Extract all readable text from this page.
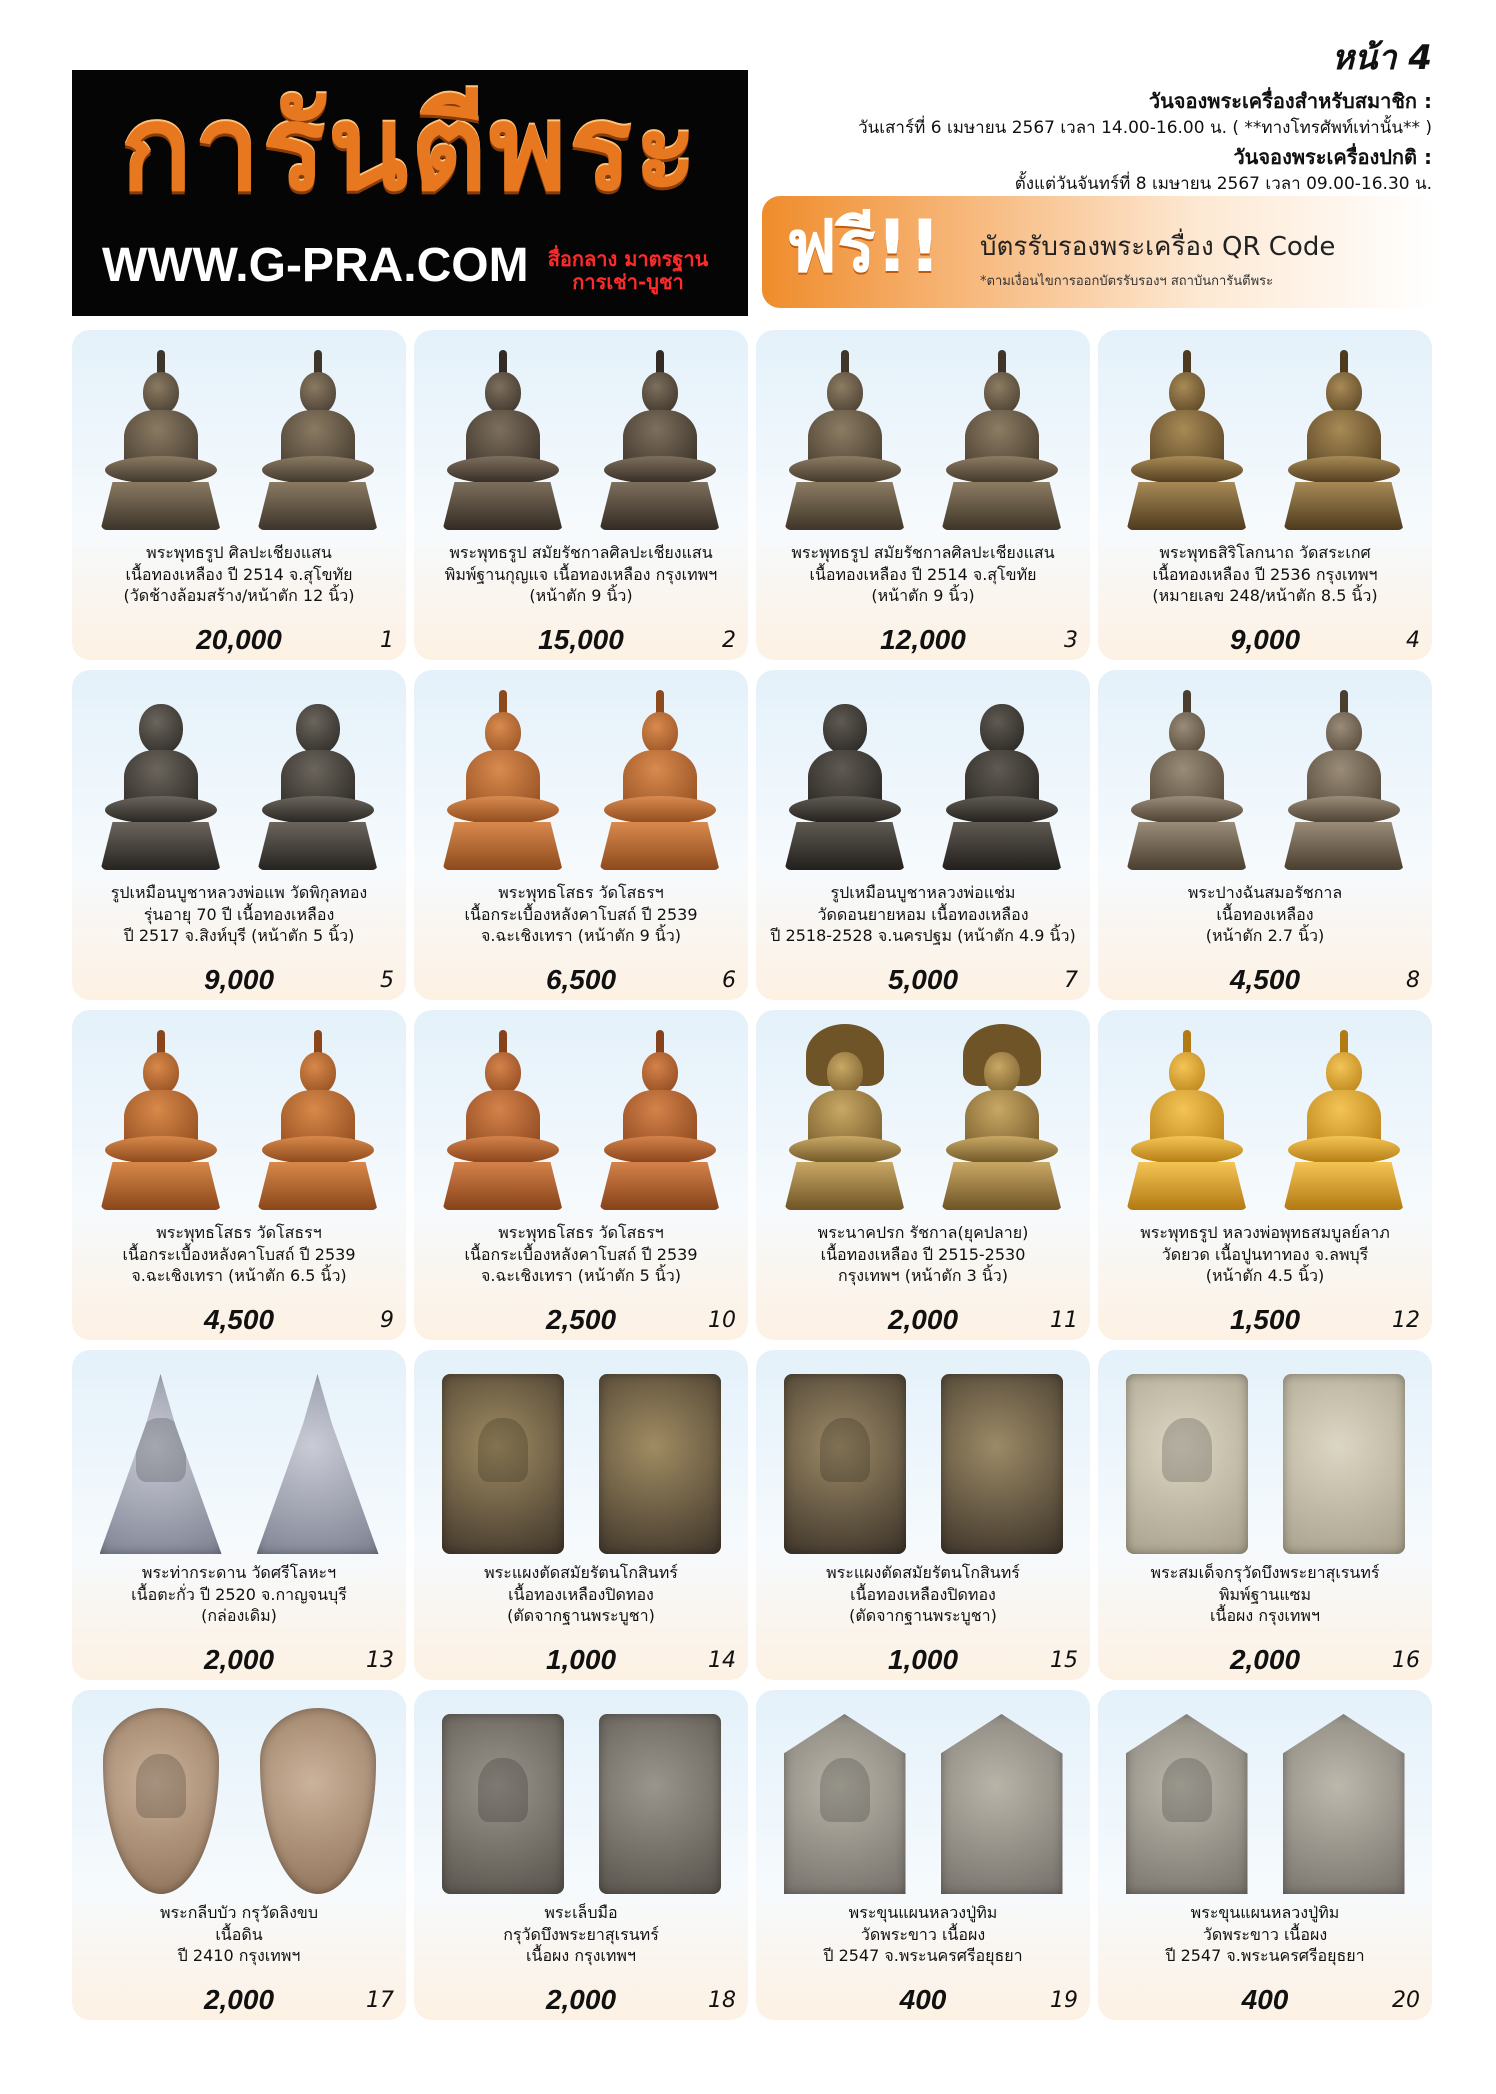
หน้า 4
การันตีพระ
WWW.G-PRA.COM สื่อกลาง มาตรฐาน การเช่า-บูชา
วันจองพระเครื่องสำหรับสมาชิก :
วันเสาร์ที่ 6 เมษายน 2567 เวลา 14.00-16.00 น. ( **ทางโทรศัพท์เท่านั้น** )
วันจองพระเครื่องปกติ :
ตั้งแต่วันจันทร์ที่ 8 เมษายน 2567 เวลา 09.00-16.30 น.
ฟรี!! บัตรรับรองพระเครื่อง QR Code
*ตามเงื่อนไขการออกบัตรรับรองฯ สถาบันการันตีพระ
พระพุทธรูป ศิลปะเชียงแสน
เนื้อทองเหลือง ปี 2514 จ.สุโขทัย
(วัดช้างล้อมสร้าง/หน้าตัก 12 นิ้ว)
20,000	1
พระพุทธรูป สมัยรัชกาลศิลปะเชียงแสน
พิมพ์ฐานกุญแจ เนื้อทองเหลือง กรุงเทพฯ
(หน้าตัก 9 นิ้ว)
15,000	2
พระพุทธรูป สมัยรัชกาลศิลปะเชียงแสน
เนื้อทองเหลือง ปี 2514 จ.สุโขทัย
(หน้าตัก 9 นิ้ว)
12,000	3
พระพุทธสิริโลกนาถ วัดสระเกศ
เนื้อทองเหลือง ปี 2536 กรุงเทพฯ
(หมายเลข 248/หน้าตัก 8.5 นิ้ว)
9,000	4
รูปเหมือนบูชาหลวงพ่อแพ วัดพิกุลทอง
รุ่นอายุ 70 ปี เนื้อทองเหลือง
ปี 2517 จ.สิงห์บุรี (หน้าตัก 5 นิ้ว)
9,000	5
พระพุทธโสธร วัดโสธรฯ
เนื้อกระเบื้องหลังคาโบสถ์ ปี 2539
จ.ฉะเชิงเทรา (หน้าตัก 9 นิ้ว)
6,500	6
รูปเหมือนบูชาหลวงพ่อแช่ม
วัดดอนยายหอม เนื้อทองเหลือง
ปี 2518-2528 จ.นครปฐม (หน้าตัก 4.9 นิ้ว)
5,000	7
พระปางฉันสมอรัชกาล
เนื้อทองเหลือง
(หน้าตัก 2.7 นิ้ว)
4,500	8
พระพุทธโสธร วัดโสธรฯ
เนื้อกระเบื้องหลังคาโบสถ์ ปี 2539
จ.ฉะเชิงเทรา (หน้าตัก 6.5 นิ้ว)
4,500	9
พระพุทธโสธร วัดโสธรฯ
เนื้อกระเบื้องหลังคาโบสถ์ ปี 2539
จ.ฉะเชิงเทรา (หน้าตัก 5 นิ้ว)
2,500	10
พระนาคปรก รัชกาล(ยุคปลาย)
เนื้อทองเหลือง ปี 2515-2530
กรุงเทพฯ (หน้าตัก 3 นิ้ว)
2,000	11
พระพุทธรูป หลวงพ่อพุทธสมบูลย์ลาภ
วัดยวด เนื้อปูนทาทอง จ.ลพบุรี
(หน้าตัก 4.5 นิ้ว)
1,500	12
พระท่ากระดาน วัดศรีโลหะฯ
เนื้อตะกั่ว ปี 2520 จ.กาญจนบุรี
(กล่องเดิม)
2,000	13
พระแผงตัดสมัยรัตนโกสินทร์
เนื้อทองเหลืองปิดทอง
(ตัดจากฐานพระบูชา)
1,000	14
พระแผงตัดสมัยรัตนโกสินทร์
เนื้อทองเหลืองปิดทอง
(ตัดจากฐานพระบูชา)
1,000	15
พระสมเด็จกรุวัดบึงพระยาสุเรนทร์
พิมพ์ฐานแซม
เนื้อผง กรุงเทพฯ
2,000	16
พระกลีบบัว กรุวัดลิงขบ
เนื้อดิน
ปี 2410 กรุงเทพฯ
2,000	17
พระเล็บมือ
กรุวัดบึงพระยาสุเรนทร์
เนื้อผง กรุงเทพฯ
2,000	18
พระขุนแผนหลวงปู่ทิม
วัดพระขาว เนื้อผง
ปี 2547 จ.พระนครศรีอยุธยา
400	19
พระขุนแผนหลวงปู่ทิม
วัดพระขาว เนื้อผง
ปี 2547 จ.พระนครศรีอยุธยา
400	20
